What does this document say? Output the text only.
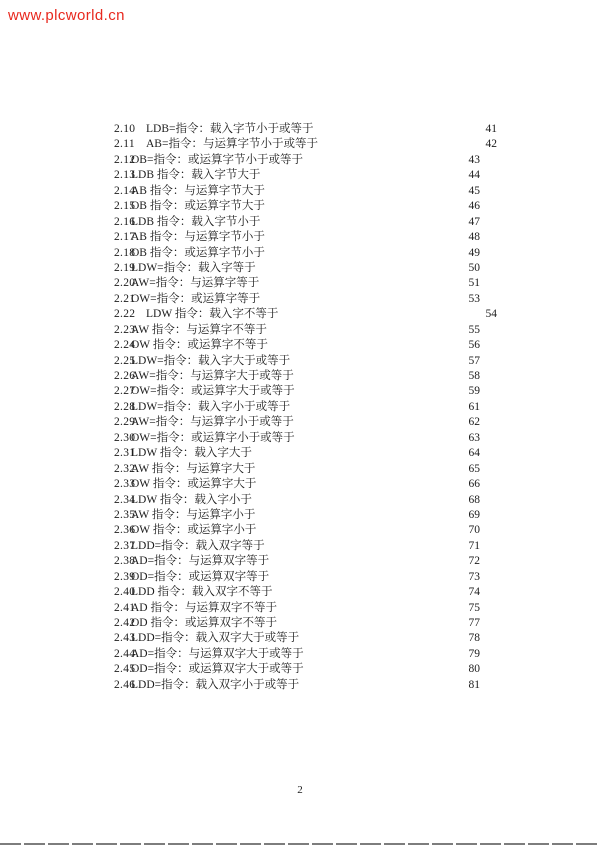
www.plcworld.cn
2.10 LDB=指令：载入字节小于或等于	41
2.11 AB=指令：与运算字节小于或等于	42
2.12OB=指令：或运算字节小于或等于	43
2.13LDB 指令：载入字节大于	44
2.14AB 指令：与运算字节大于	45
2.15OB 指令：或运算字节大于	46
2.16LDB 指令：载入字节小于	47
2.17AB 指令：与运算字节小于	48
2.18OB 指令：或运算字节小于	49
2.19LDW=指令：载入字等于	50
2.20AW=指令：与运算字等于	51
2.21OW=指令：或运算字等于	53
2.22 LDW 指令：载入字不等于	54
2.23AW 指令：与运算字不等于	55
2.24OW 指令：或运算字不等于	56
2.25LDW=指令：载入字大于或等于	57
2.26AW=指令：与运算字大于或等于	58
2.27OW=指令：或运算字大于或等于	59
2.28LDW=指令：载入字小于或等于	61
2.29AW=指令：与运算字小于或等于	62
2.30OW=指令：或运算字小于或等于	63
2.31LDW 指令：载入字大于	64
2.32AW 指令：与运算字大于	65
2.33OW 指令：或运算字大于	66
2.34LDW 指令：载入字小于	68
2.35AW 指令：与运算字小于	69
2.36OW 指令：或运算字小于	70
2.37LDD=指令：载入双字等于	71
2.38AD=指令：与运算双字等于	72
2.39OD=指令：或运算双字等于	73
2.40LDD 指令：载入双字不等于	74
2.41AD 指令：与运算双字不等于	75
2.42OD 指令：或运算双字不等于	77
2.43LDD=指令：载入双字大于或等于	78
2.44AD=指令：与运算双字大于或等于	79
2.45OD=指令：或运算双字大于或等于	80
2.46LDD=指令：载入双字小于或等于	81
2
